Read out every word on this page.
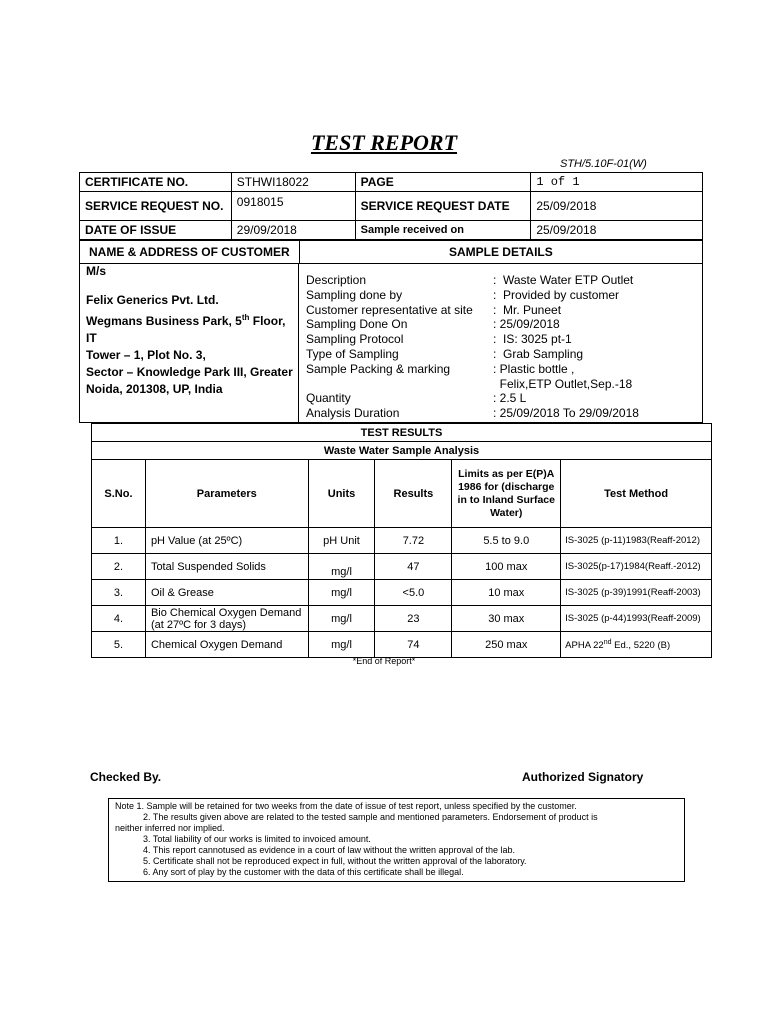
TEST REPORT
STH/5.10F-01(W)
CERTIFICATE NO.	STHWI18022	PAGE	1 of 1
SERVICE REQUEST NO.	0918015	SERVICE REQUEST DATE	25/09/2018
DATE OF ISSUE	29/09/2018	Sample received on	25/09/2018
NAME & ADDRESS OF CUSTOMER	SAMPLE DETAILS
M/s
Felix Generics Pvt. Ltd.
Wegmans Business Park, 5th Floor, IT
Tower – 1, Plot No. 3,
Sector – Knowledge Park III, Greater
Noida, 201308, UP, India
Description	:  Waste Water ETP Outlet
Sampling done by	:  Provided by customer
Customer representative at site :  Mr. Puneet
Sampling Done On	: 25/09/2018
Sampling Protocol	:  IS: 3025 pt-1
Type of Sampling	:  Grab Sampling
Sample Packing & marking	: Plastic bottle ,
Felix,ETP Outlet,Sep.-18
Quantity	: 2.5 L
Analysis Duration	: 25/09/2018 To 29/09/2018
TEST RESULTS					
Waste Water Sample Analysis					
S.No.	Parameters	Units	Results	Limits as per E(P)A 1986 for (discharge in to Inland Surface Water)	Test Method
1.	pH Value (at 25ºC)	pH Unit	7.72	5.5 to 9.0	IS-3025 (p-11)1983(Reaff-2012)
2.	Total Suspended Solids	mg/l	47	100 max	IS-3025(p-17)1984(Reaff.-2012)
3.	Oil & Grease	mg/l	<5.0	10 max	IS-3025 (p-39)1991(Reaff-2003)
4.	Bio Chemical Oxygen Demand (at 27ºC for 3 days)	mg/l	23	30 max	IS-3025 (p-44)1993(Reaff-2009)
5.	Chemical Oxygen Demand	mg/l	74	250 max	APHA 22nd Ed., 5220 (B)
*End of Report*
Checked By.	Authorized Signatory
Note 1. Sample will be retained for two weeks from the date of issue of test report, unless specified by the customer.
2. The results given above are related to the tested sample and mentioned parameters. Endorsement of product is
neither inferred nor implied.
3. Total liability of our works is limited to invoiced amount.
4. This report cannotused as evidence in a court of law without the written approval of the lab.
5. Certificate shall not be reproduced expect in full, without the written approval of the laboratory.
6. Any sort of play by the customer with the data of this certificate shall be illegal.
